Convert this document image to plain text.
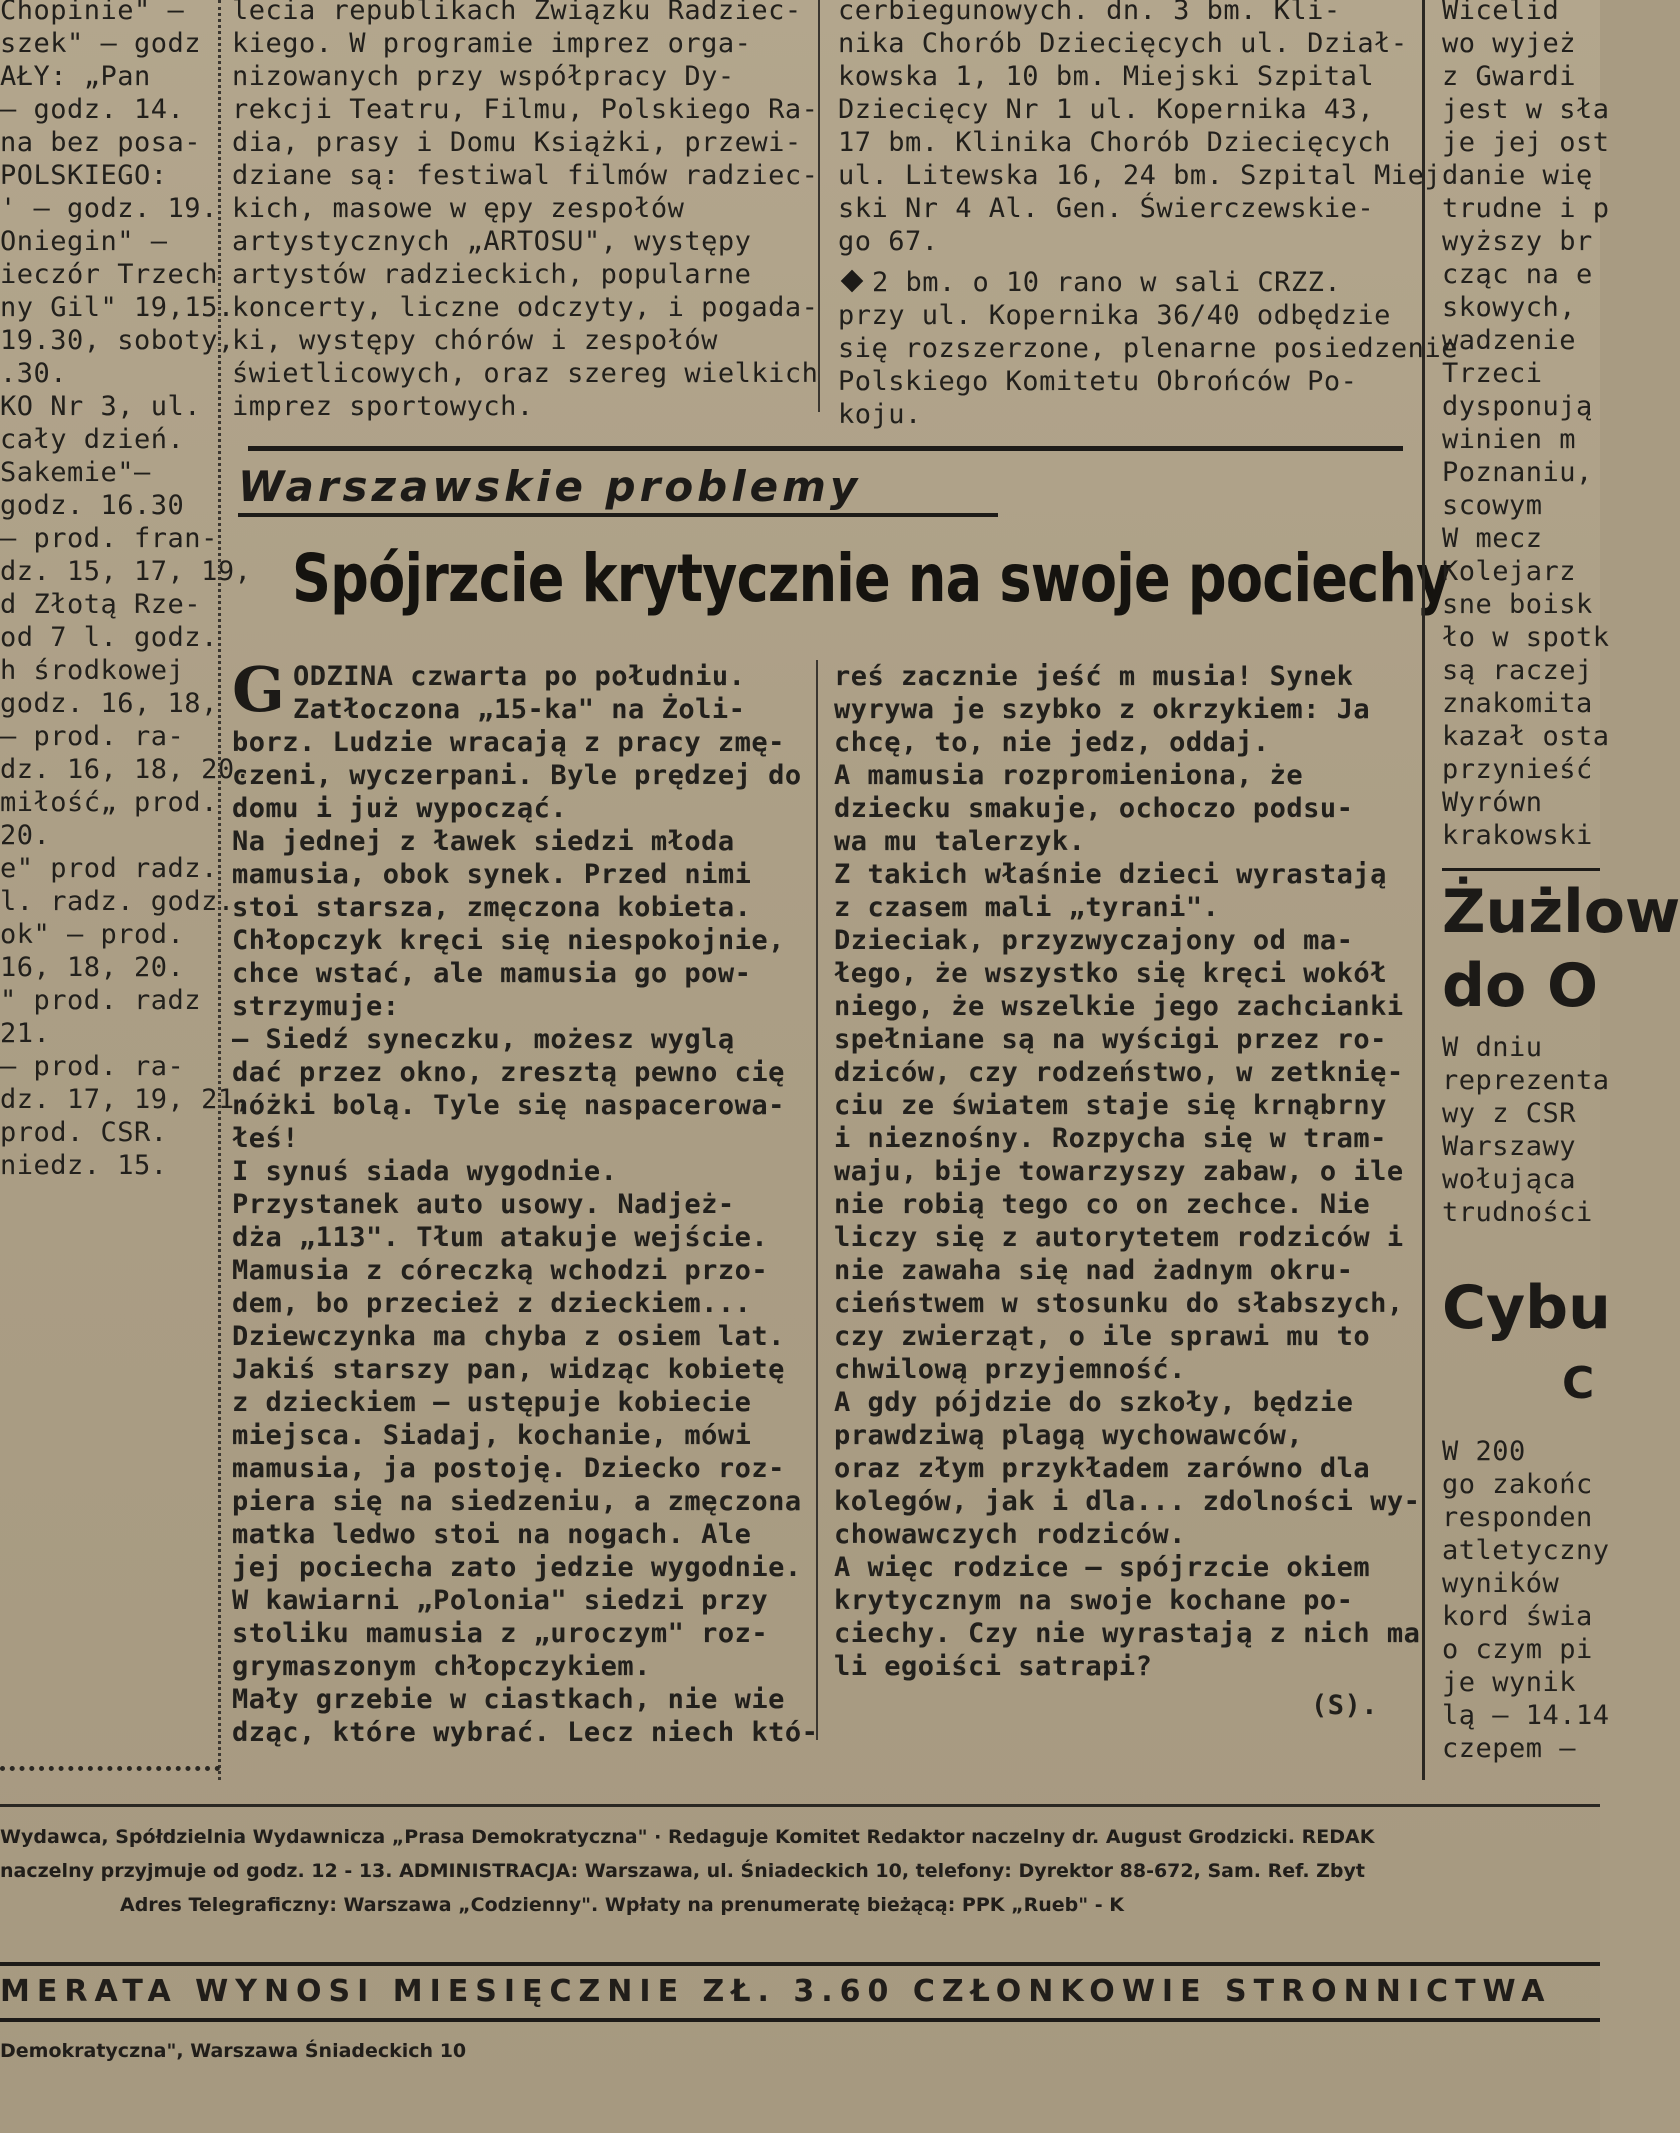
Chopinie" —

szek" — godz

AŁY: „Pan

— godz. 14.

na bez posa-

POLSKIEGO:

' — godz. 19.

Oniegin" —

ieczór Trzech

ny Gil" 19,15.

19.30, soboty,

.30.

KO Nr 3, ul.

cały dzień.

Sakemie"—

godz. 16.30

– prod. fran-

dz. 15, 17, 19,

d Złotą Rze-

od 7 l. godz.

h środkowej

godz. 16, 18,

— prod. ra-

dz. 16, 18, 20.

miłość„ prod.

20.

e" prod radz.

l. radz. godz.

ok" — prod.

16, 18, 20.

" prod. radz

21.

— prod. ra-

dz. 17, 19, 21,

prod. CSR.

niedz. 15.

lecia republikach Związku Radziec-

kiego. W programie imprez orga-

nizowanych przy współpracy Dy-

rekcji Teatru, Filmu, Polskiego Ra-

dia, prasy i Domu Książki, przewi-

dziane są: festiwal filmów radziec-

kich, masowe w ępy zespołów

artystycznych „ARTOSU", występy

artystów radzieckich, popularne

koncerty, liczne odczyty, i pogada-

ki, występy chórów i zespołów

świetlicowych, oraz szereg wielkich

imprez sportowych.

cerbiegunowych. dn. 3 bm. Kli-

nika Chorób Dziecięcych ul. Dział-

kowska 1, 10 bm. Miejski Szpital

Dziecięcy Nr 1 ul. Kopernika 43,

17 bm. Klinika Chorób Dziecięcych

ul. Litewska 16, 24 bm. Szpital Miej

ski Nr 4 Al. Gen. Świerczewskie-

go 67.

2 bm. o 10 rano w sali CRZZ.

przy ul. Kopernika 36/40 odbędzie

się rozszerzone, plenarne posiedzenie

Polskiego Komitetu Obrońców Po-

koju.

Warszawskie problemy
Spójrzcie krytycznie na swoje pociechy
G ODZINA czwarta po południu.

Zatłoczona „15-ka" na Żoli-

borz. Ludzie wracają z pracy zmę-

czeni, wyczerpani. Byle prędzej do

domu i już wypocząć.

Na jednej z ławek siedzi młoda

mamusia, obok synek. Przed nimi

stoi starsza, zmęczona kobieta.

Chłopczyk kręci się niespokojnie,

chce wstać, ale mamusia go pow-

strzymuje:

— Siedź syneczku, możesz wyglą

dać przez okno, zresztą pewno cię

nóżki bolą. Tyle się naspacerowa-

łeś!

I synuś siada wygodnie.

Przystanek auto usowy. Nadjeż-

dża „113". Tłum atakuje wejście.

Mamusia z córeczką wchodzi przo-

dem, bo przecież z dzieckiem...

Dziewczynka ma chyba z osiem lat.

Jakiś starszy pan, widząc kobietę

z dzieckiem — ustępuje kobiecie

miejsca. Siadaj, kochanie, mówi

mamusia, ja postoję. Dziecko roz-

piera się na siedzeniu, a zmęczona

matka ledwo stoi na nogach. Ale

jej pociecha zato jedzie wygodnie.

W kawiarni „Polonia" siedzi przy

stoliku mamusia z „uroczym" roz-

grymaszonym chłopczykiem.

Mały grzebie w ciastkach, nie wie

dząc, które wybrać. Lecz niech któ-

reś zacznie jeść m musia! Synek

wyrywa je szybko z okrzykiem: Ja

chcę, to, nie jedz, oddaj.

A mamusia rozpromieniona, że

dziecku smakuje, ochoczo podsu-

wa mu talerzyk.

Z takich właśnie dzieci wyrastają

z czasem mali „tyrani".

Dzieciak, przyzwyczajony od ma-

łego, że wszystko się kręci wokół

niego, że wszelkie jego zachcianki

spełniane są na wyścigi przez ro-

dziców, czy rodzeństwo, w zetknię-

ciu ze światem staje się krnąbrny

i nieznośny. Rozpycha się w tram-

waju, bije towarzyszy zabaw, o ile

nie robią tego co on zechce. Nie

liczy się z autorytetem rodziców i

nie zawaha się nad żadnym okru-

cieństwem w stosunku do słabszych,

czy zwierząt, o ile sprawi mu to

chwilową przyjemność.

A gdy pójdzie do szkoły, będzie

prawdziwą plagą wychowawców,

oraz złym przykładem zarówno dla

kolegów, jak i dla... zdolności wy-

chowawczych rodziców.

A więc rodzice — spójrzcie okiem

krytycznym na swoje kochane po-

ciechy. Czy nie wyrastają z nich ma

li egoiści satrapi?

(S).

Wicelid

wo wyjeż

z Gwardi

jest w sła

je jej ost

danie wię

trudne i p

wyższy br

cząc na e

skowych,

wadzenie

Trzeci

dysponują

winien m

Poznaniu,

scowym

W mecz

Kolejarz

sne boisk

ło w spotk

są raczej

znakomita

kazał osta

przynieść

Wyrówn

krakowski

Żużlow

do O

W dniu

reprezenta

wy z CSR

Warszawy

wołująca

trudności

Cybu

C

W 200

go zakońc

responden

atletyczny

wyników

kord świa

o czym pi

je wynik

lą — 14.14

czepem —

Wydawca, Spółdzielnia Wydawnicza „Prasa Demokratyczna" · Redaguje Komitet Redaktor naczelny dr. August Grodzicki. REDAK
naczelny przyjmuje od godz. 12 - 13. ADMINISTRACJA: Warszawa, ul. Śniadeckich 10, telefony: Dyrektor 88-672, Sam. Ref. Zbyt
Adres Telegraficzny: Warszawa „Codzienny". Wpłaty na prenumeratę bieżącą: PPK „Rueb" - K
MERATA WYNOSI MIESIĘCZNIE ZŁ. 3.60 CZŁONKOWIE STRONNICTWA
Demokratyczna", Warszawa Śniadeckich 10
